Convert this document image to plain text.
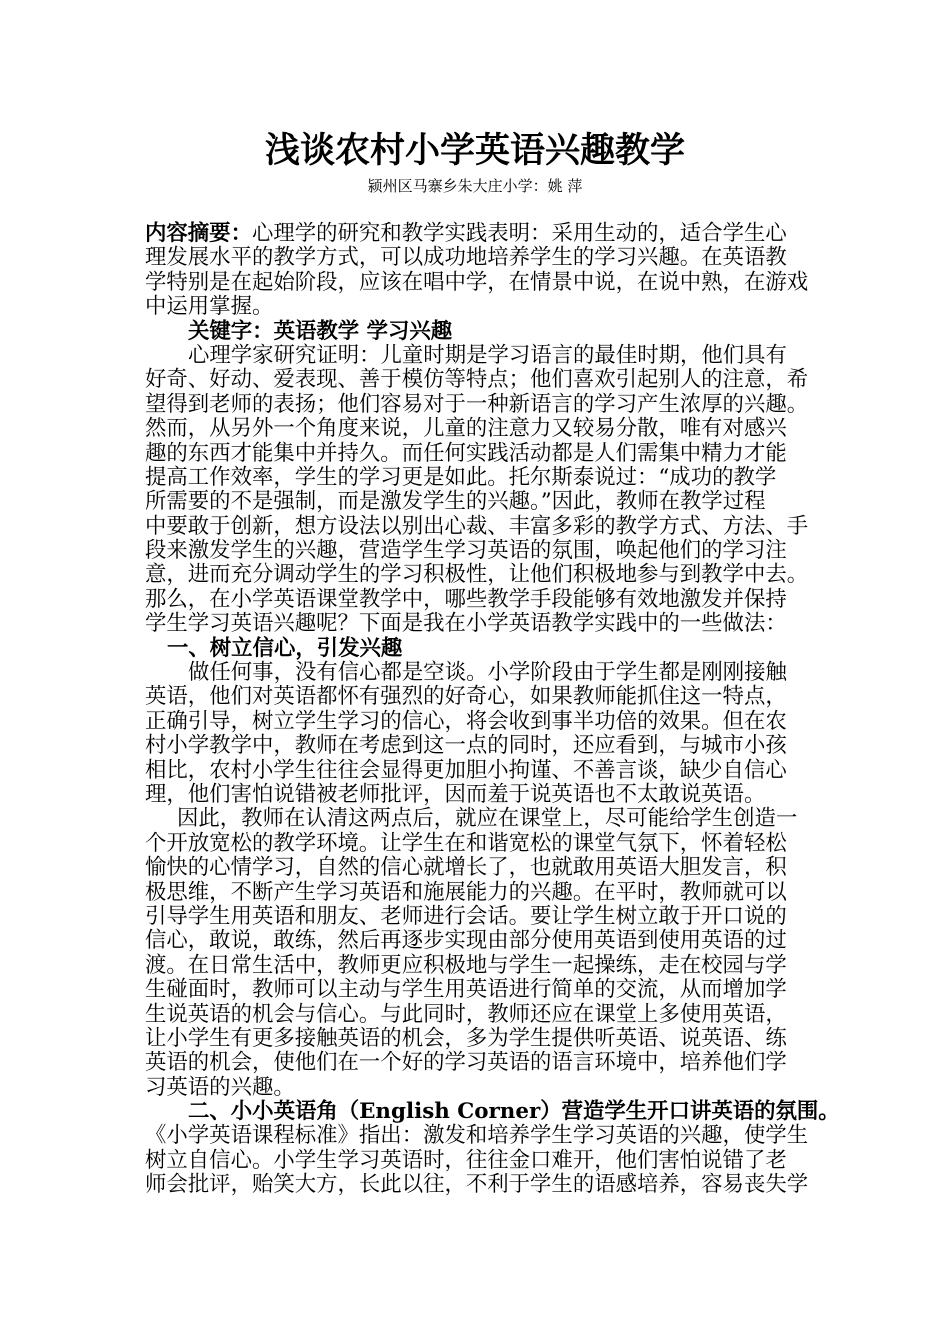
浅谈农村小学英语兴趣教学
颍州区马寨乡朱大庄小学：姚 萍
内容摘要：心理学的研究和教学实践表明：采用生动的，适合学生心
理发展水平的教学方式，可以成功地培养学生的学习兴趣。在英语教
学特别是在起始阶段，应该在唱中学，在情景中说，在说中熟，在游戏
中运用掌握。
关键字：英语教学 学习兴趣
心理学家研究证明：儿童时期是学习语言的最佳时期，他们具有
好奇、好动、爱表现、善于模仿等特点；他们喜欢引起别人的注意，希
望得到老师的表扬；他们容易对于一种新语言的学习产生浓厚的兴趣。
然而，从另外一个角度来说，儿童的注意力又较易分散，唯有对感兴
趣的东西才能集中并持久。而任何实践活动都是人们需集中精力才能
提高工作效率，学生的学习更是如此。托尔斯泰说过：“成功的教学
所需要的不是强制，而是激发学生的兴趣。”因此，教师在教学过程
中要敢于创新，想方设法以别出心裁、丰富多彩的教学方式、方法、手
段来激发学生的兴趣，营造学生学习英语的氛围，唤起他们的学习注
意，进而充分调动学生的学习积极性，让他们积极地参与到教学中去。
那么，在小学英语课堂教学中，哪些教学手段能够有效地激发并保持
学生学习英语兴趣呢？下面是我在小学英语教学实践中的一些做法：
一、树立信心，引发兴趣
做任何事，没有信心都是空谈。小学阶段由于学生都是刚刚接触
英语，他们对英语都怀有强烈的好奇心，如果教师能抓住这一特点，
正确引导，树立学生学习的信心，将会收到事半功倍的效果。但在农
村小学教学中，教师在考虑到这一点的同时，还应看到，与城市小孩
相比，农村小学生往往会显得更加胆小拘谨、不善言谈，缺少自信心
理，他们害怕说错被老师批评，因而羞于说英语也不太敢说英语。
因此，教师在认清这两点后，就应在课堂上，尽可能给学生创造一
个开放宽松的教学环境。让学生在和谐宽松的课堂气氛下，怀着轻松
愉快的心情学习，自然的信心就增长了，也就敢用英语大胆发言，积
极思维，不断产生学习英语和施展能力的兴趣。在平时，教师就可以
引导学生用英语和朋友、老师进行会话。要让学生树立敢于开口说的
信心，敢说，敢练，然后再逐步实现由部分使用英语到使用英语的过
渡。在日常生活中，教师更应积极地与学生一起操练，走在校园与学
生碰面时，教师可以主动与学生用英语进行简单的交流，从而增加学
生说英语的机会与信心。与此同时，教师还应在课堂上多使用英语，
让小学生有更多接触英语的机会，多为学生提供听英语、说英语、练
英语的机会，使他们在一个好的学习英语的语言环境中，培养他们学
习英语的兴趣。
二、小小英语角（English Corner）营造学生开口讲英语的氛围。
《小学英语课程标准》指出：激发和培养学生学习英语的兴趣，使学生
树立自信心。小学生学习英语时，往往金口难开，他们害怕说错了老
师会批评，贻笑大方，长此以往，不利于学生的语感培养，容易丧失学
